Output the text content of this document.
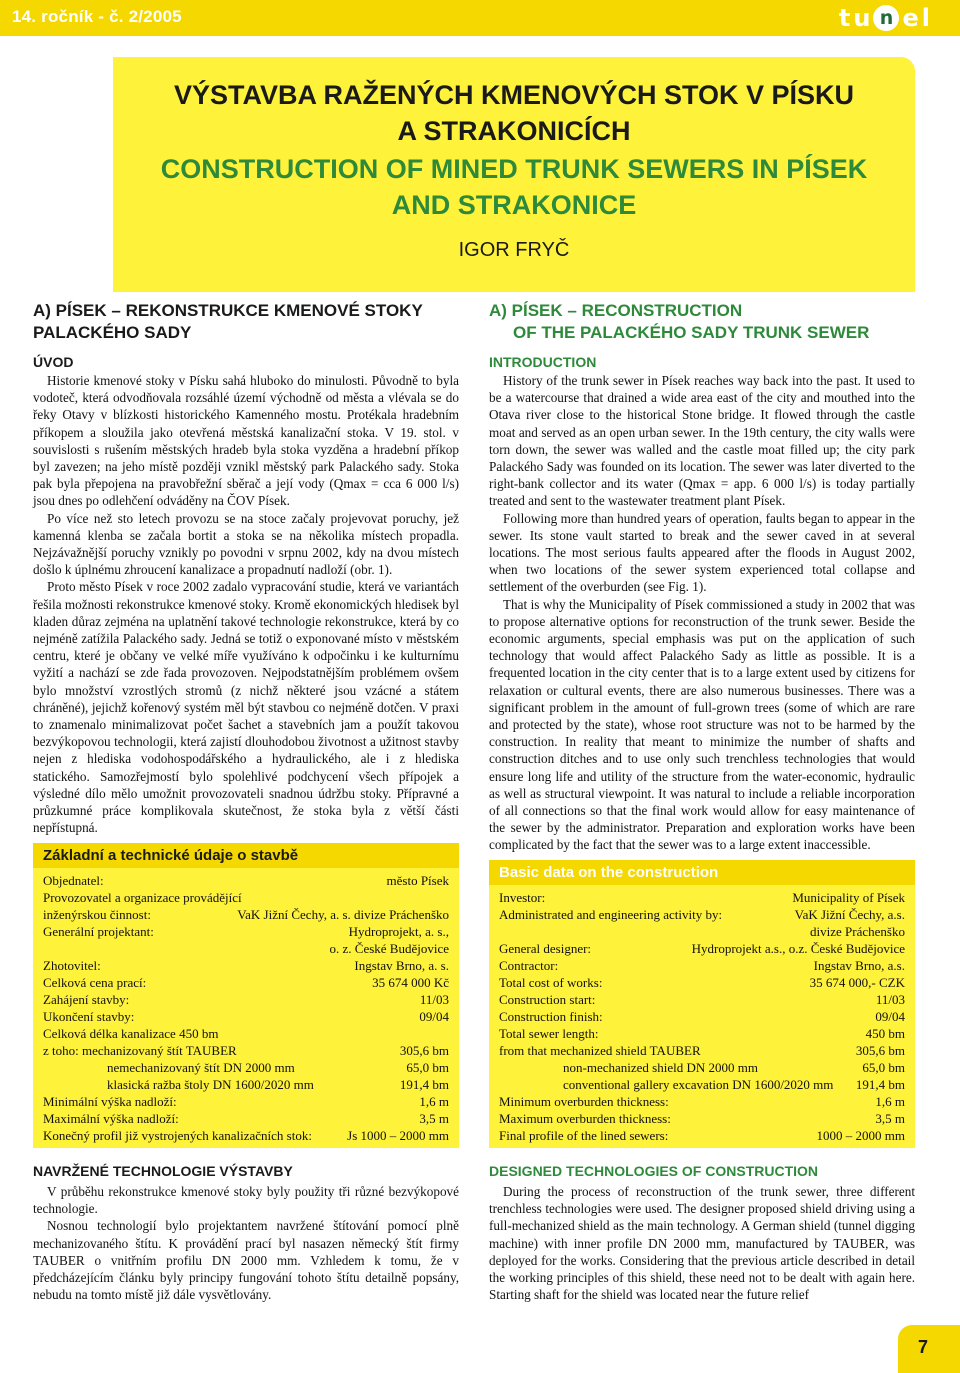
14. ročník - č. 2/2005	t u n e l
VÝSTAVBA RAŽENÝCH KMENOVÝCH STOK V PÍSKU
A STRAKONICÍCH
CONSTRUCTION OF MINED TRUNK SEWERS IN PÍSEK
AND STRAKONICE
IGOR FRYČ
A) PÍSEK – REKONSTRUKCE KMENOVÉ STOKY
PALACKÉHO SADY
ÚVOD

Historie kmenové stoky v Písku sahá hluboko do minulosti. Původně to byla vodoteč, která odvodňovala rozsáhlé území východně od města a vlévala se do řeky Otavy v blízkosti historického Kamenného mostu. Protékala hradebním příkopem a sloužila jako otevřená městská kanalizační stoka. V 19. stol. v souvislosti s rušením městských hradeb byla stoka vyzděna a hradební příkop byl zavezen; na jeho místě později vznikl městský park Palackého sady. Stoka pak byla přepojena na pravobřežní sběrač a její vody (Qmax = cca 6 000 l/s) jsou dnes po odlehčení odváděny na ČOV Písek.

Po více než sto letech provozu se na stoce začaly projevovat poruchy, jež kamenná klenba se začala bortit a stoka se na několika místech propadla. Nejzávažnější poruchy vznikly po povodni v srpnu 2002, kdy na dvou místech došlo k úplnému zhroucení kanalizace a propadnutí nadloží (obr. 1).

Proto město Písek v roce 2002 zadalo vypracování studie, která ve variantách řešila možnosti rekonstrukce kmenové stoky. Kromě ekonomických hledisek byl kladen důraz zejména na uplatnění takové technologie rekonstrukce, která by co nejméně zatížila Palackého sady. Jedná se totiž o exponované místo v městském centru, které je občany ve velké míře využíváno k odpočinku i ke kulturnímu vyžití a nachází se zde řada provozoven. Nejpodstatnějším problémem ovšem bylo množství vzrostlých stromů (z nichž některé jsou vzácné a státem chráněné), jejichž kořenový systém měl být stavbou co nejméně dotčen. V praxi to znamenalo minimalizovat počet šachet a stavebních jam a použít takovou bezvýkopovou technologii, která zajistí dlouhodobou životnost a užitnost stavby nejen z hlediska vodohospodářského a hydraulického, ale i z hlediska statického. Samozřejmostí bylo spolehlivé podchycení všech přípojek a výsledné dílo mělo umožnit provozovateli snadnou údržbu stoky. Přípravné a průzkumné práce komplikovala skutečnost, že stoka byla z větší části nepřístupná.

Základní a technické údaje o stavbě
Objednatel:	město Písek
Provozovatel a organizace provádějící
inženýrskou činnost:	VaK Jižní Čechy, a. s. divize Práchenško
Generální projektant:	Hydroprojekt, a. s.,
o. z. České Budějovice
Zhotovitel:	Ingstav Brno, a. s.
Celková cena prací:	35 674 000 Kč
Zahájení stavby:	11/03
Ukončení stavby:	09/04
Celková délka kanalizace 450 bm
z toho: mechanizovaný štít TAUBER	305,6 bm
nemechanizovaný štít DN 2000 mm	65,0 bm
klasická ražba štoly DN 1600/2020 mm	191,4 bm
Minimální výška nadloží:	1,6 m
Maximální výška nadloží:	3,5 m
Konečný profil již vystrojených kanalizačních stok:	Js 1000 – 2000 mm
NAVRŽENÉ TECHNOLOGIE VÝSTAVBY

V průběhu rekonstrukce kmenové stoky byly použity tři různé bezvýkopové technologie.

Nosnou technologií bylo projektantem navržené štítování pomocí plně mechanizovaného štítu. K provádění prací byl nasazen německý štít firmy TAUBER o vnitřním profilu DN 2000 mm. Vzhledem k tomu, že v předcházejícím článku byly principy fungování tohoto štítu detailně popsány, nebudu na tomto místě již dále vysvětlovány.

A) PÍSEK – RECONSTRUCTION
OF THE PALACKÉHO SADY TRUNK SEWER
INTRODUCTION

History of the trunk sewer in Písek reaches way back into the past. It used to be a watercourse that drained a wide area east of the city and mouthed into the Otava river close to the historical Stone bridge. It flowed through the castle moat and served as an open urban sewer. In the 19th century, the city walls were torn down, the sewer was walled and the castle moat filled up; the city park Palackého Sady was founded on its location. The sewer was later diverted to the right-bank collector and its water (Qmax = app. 6 000 l/s) is today partially treated and sent to the wastewater treatment plant Písek.

Following more than hundred years of operation, faults began to appear in the sewer. Its stone vault started to break and the sewer caved in at several locations. The most serious faults appeared after the floods in August 2002, when two locations of the sewer system experienced total collapse and settlement of the overburden (see Fig. 1).

That is why the Municipality of Písek commissioned a study in 2002 that was to propose alternative options for reconstruction of the trunk sewer. Beside the economic arguments, special emphasis was put on the application of such technology that would affect Palackého Sady as little as possible. It is a frequented location in the city center that is to a large extent used by citizens for relaxation or cultural events, there are also numerous businesses. There was a significant problem in the amount of full-grown trees (some of which are rare and protected by the state), whose root structure was not to be harmed by the construction. In reality that meant to minimize the number of shafts and construction ditches and to use only such trenchless technologies that would ensure long life and utility of the structure from the water-economic, hydraulic as well as structural viewpoint. It was natural to include a reliable incorporation of all connections so that the final work would allow for easy maintenance of the sewer by the administrator. Preparation and exploration works have been complicated by the fact that the sewer was to a large extent inaccessible.

Basic data on the construction
Investor:	Municipality of Písek
Administrated and engineering activity by:	VaK Jižní Čechy, a.s.
divize Práchenško
General designer:	Hydroprojekt a.s., o.z. České Budějovice
Contractor:	Ingstav Brno, a.s.
Total cost of works:	35 674 000,- CZK
Construction start:	11/03
Construction finish:	09/04
Total sewer length:	450 bm
from that mechanized shield TAUBER	305,6 bm
non-mechanized shield DN 2000 mm	65,0 bm
conventional gallery excavation DN 1600/2020 mm 191,4 bm
Minimum overburden thickness:	1,6 m
Maximum overburden thickness:	3,5 m
Final profile of the lined sewers:	1000 – 2000 mm
DESIGNED TECHNOLOGIES OF CONSTRUCTION

During the process of reconstruction of the trunk sewer, three different trenchless technologies were used. The designer proposed shield driving using a full-mechanized shield as the main technology. A German shield (tunnel digging machine) with inner profile DN 2000 mm, manufactured by TAUBER, was deployed for the works. Considering that the previous article described in detail the working principles of this shield, these need not to be dealt with again here. Starting shaft for the shield was located near the future relief

7
